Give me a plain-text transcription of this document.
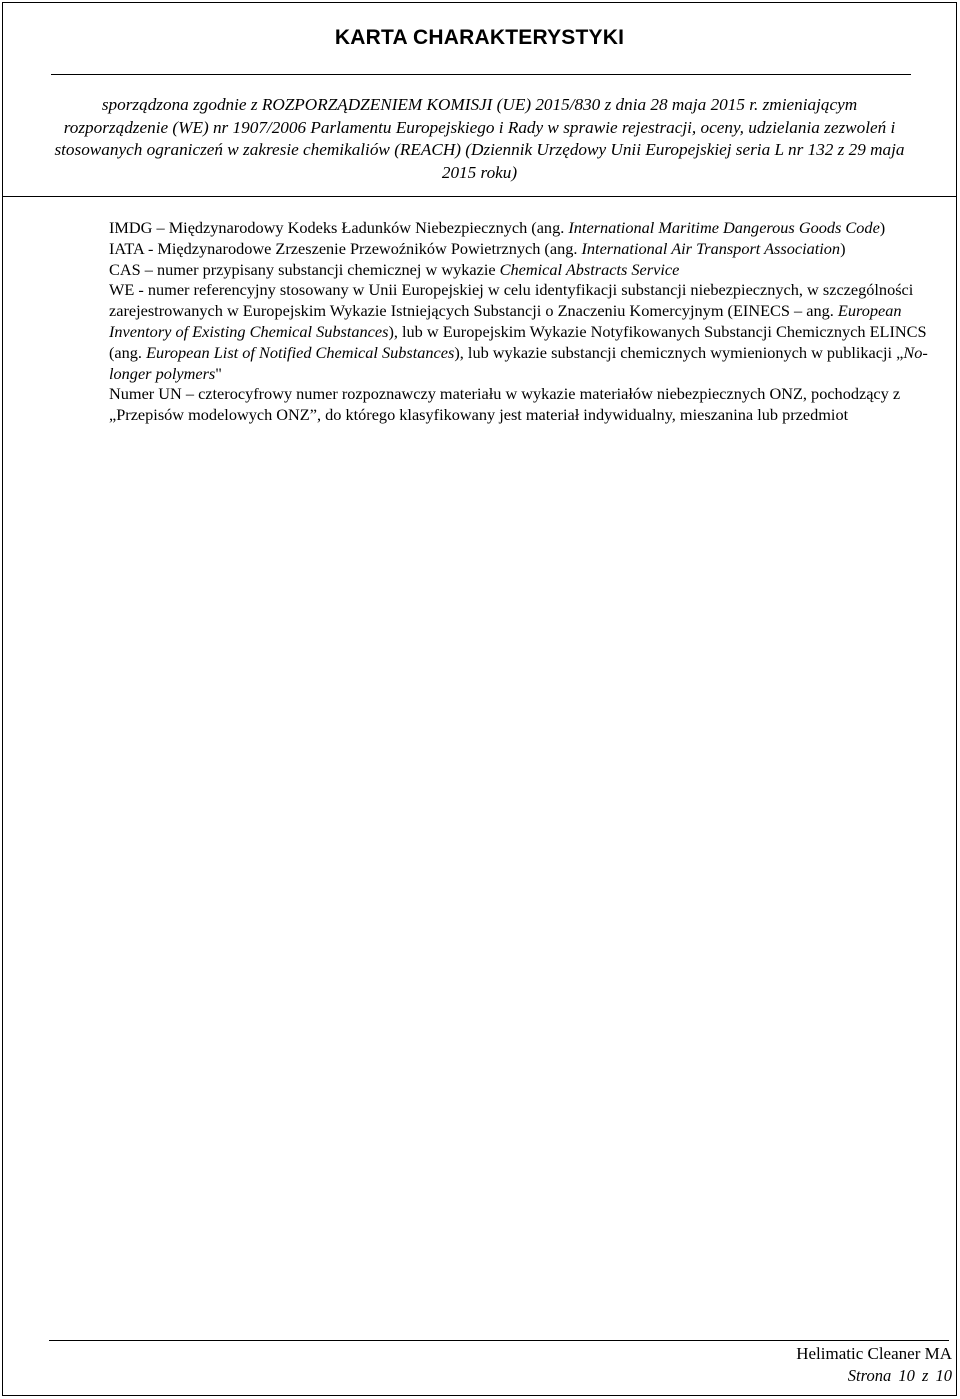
KARTA CHARAKTERYSTYKI
sporządzona zgodnie z ROZPORZĄDZENIEM KOMISJI (UE) 2015/830 z dnia 28 maja 2015 r. zmieniającym
rozporządzenie (WE) nr 1907/2006 Parlamentu Europejskiego i Rady w sprawie rejestracji, oceny, udzielania zezwoleń i
stosowanych ograniczeń w zakresie chemikaliów (REACH) (Dziennik Urzędowy Unii Europejskiej seria L nr 132 z 29 maja
2015 roku)

IMDG – Międzynarodowy Kodeks Ładunków Niebezpiecznych (ang. International Maritime Dangerous Goods Code)

IATA - Międzynarodowe Zrzeszenie Przewoźników Powietrznych (ang. International Air Transport Association)

CAS – numer przypisany substancji chemicznej w wykazie Chemical Abstracts Service

WE - numer referencyjny stosowany w Unii Europejskiej w celu identyfikacji substancji niebezpiecznych, w szczególności zarejestrowanych w Europejskim Wykazie Istniejących Substancji o Znaczeniu Komercyjnym (EINECS – ang. European Inventory of Existing Chemical Substances), lub w Europejskim Wykazie Notyfikowanych Substancji Chemicznych ELINCS (ang. European List of Notified Chemical Substances), lub wykazie substancji chemicznych wymienionych w publikacji „No-longer polymers"

Numer UN – czterocyfrowy numer rozpoznawczy materiału w wykazie materiałów niebezpiecznych ONZ, pochodzący z „Przepisów modelowych ONZ”, do którego klasyfikowany jest materiał indywidualny, mieszanina lub przedmiot

Helimatic Cleaner MA
Strona 10 z 10
